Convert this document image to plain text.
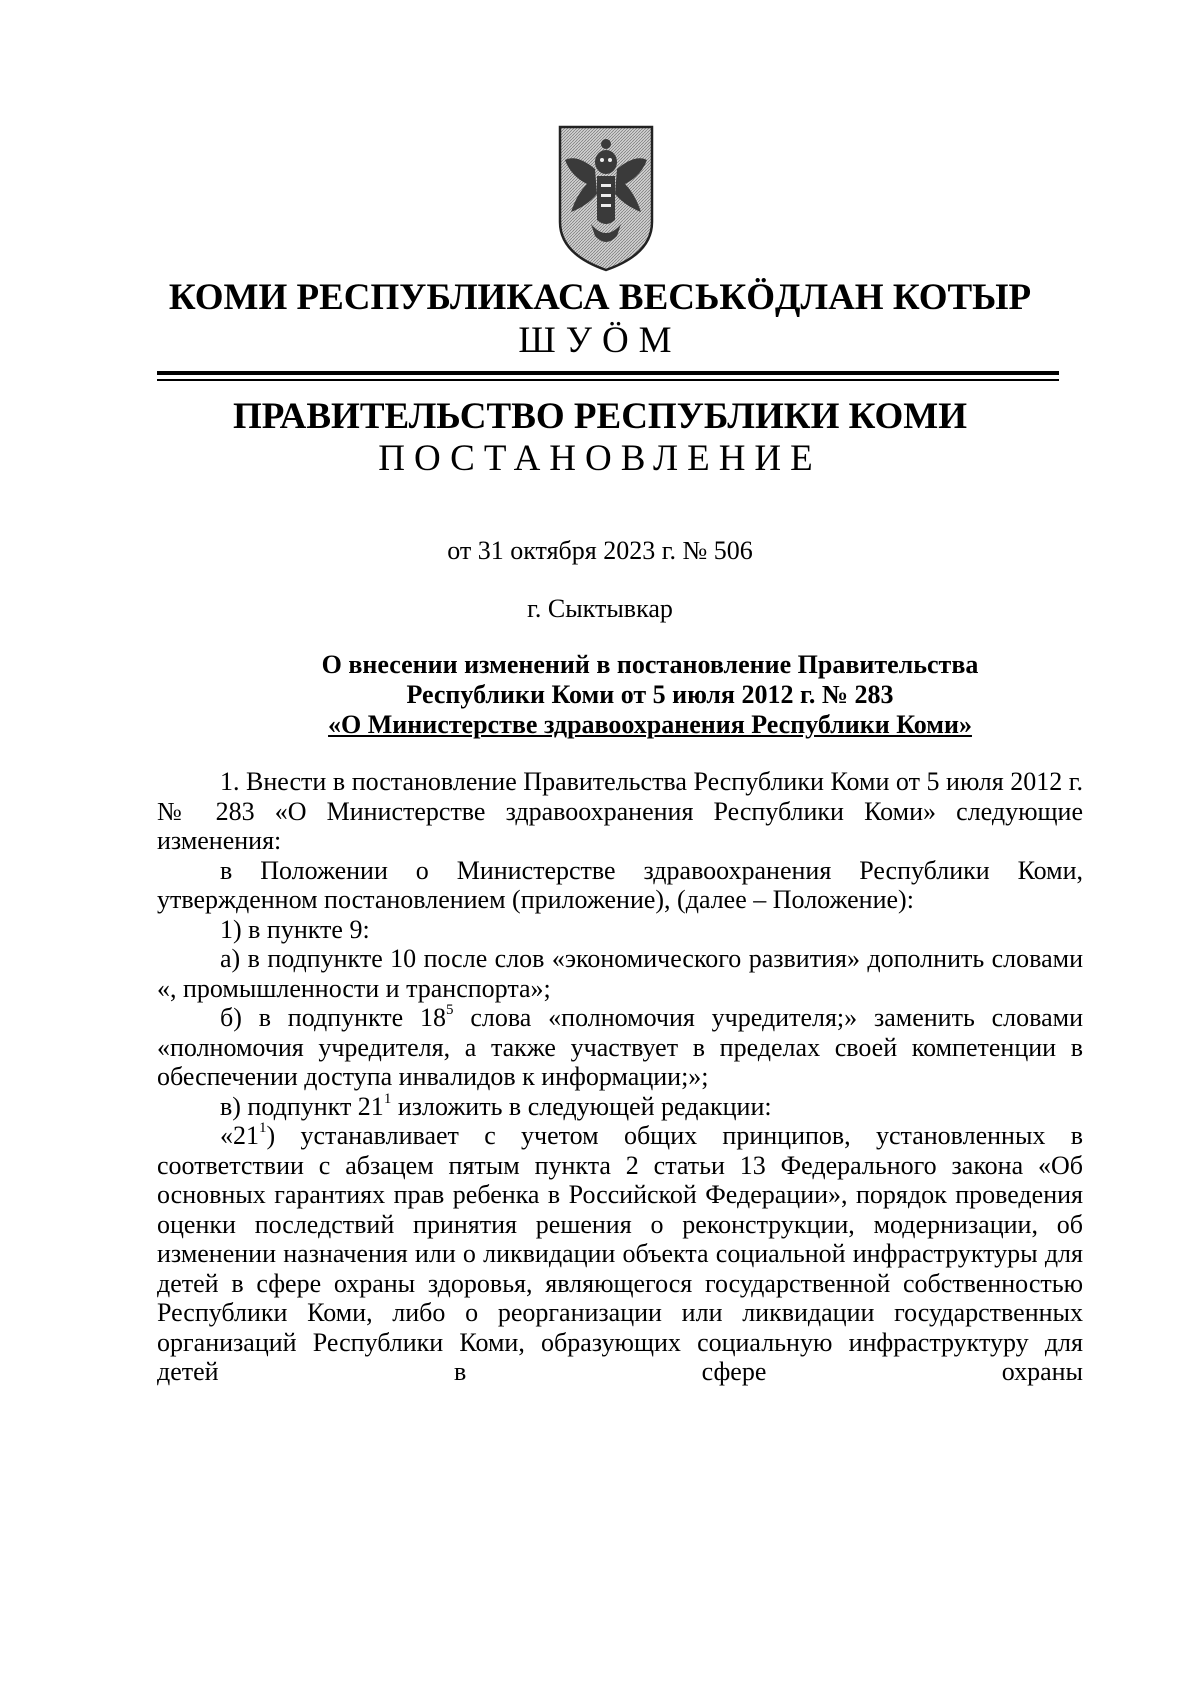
КОМИ РЕСПУБЛИКАСА ВЕСЬКӦДЛАН КОТЫР
ШУӦМ
ПРАВИТЕЛЬСТВО РЕСПУБЛИКИ КОМИ
ПОСТАНОВЛЕНИЕ
от 31 октября 2023 г. № 506
г. Сыктывкар
О внесении изменений в постановление Правительства
Республики Коми от 5 июля 2012 г. № 283
«О Министерстве здравоохранения Республики Коми»

1. Внести в постановление Правительства Республики Коми от 5 июля 2012 г. № 283 «О Министерстве здравоохранения Республики Коми» следующие изменения:

в Положении о Министерстве здравоохранения Республики Коми, утвержденном постановлением (приложение), (далее – Положение):

1) в пункте 9:

а) в подпункте 10 после слов «экономического развития» дополнить словами «, промышленности и транспорта»;

б) в подпункте $18^5$ слова «полномочия учредителя;» заменить словами «полномочия учредителя, а также участвует в пределах своей компетенции в обеспечении доступа инвалидов к информации;»;

в) подпункт $21^1$ изложить в следующей редакции:

«$21^1$) устанавливает с учетом общих принципов, установленных в соответствии с абзацем пятым пункта 2 статьи 13 Федерального закона «Об основных гарантиях прав ребенка в Российской Федерации», порядок проведения оценки последствий принятия решения о реконструкции, модернизации, об изменении назначения или о ликвидации объекта социальной инфраструктуры для детей в сфере охраны здоровья, являющегося государственной собственностью Республики Коми, либо о реорганизации или ликвидации государственных организаций Республики Коми, образующих социальную инфраструктуру для детей в сфере охраны
